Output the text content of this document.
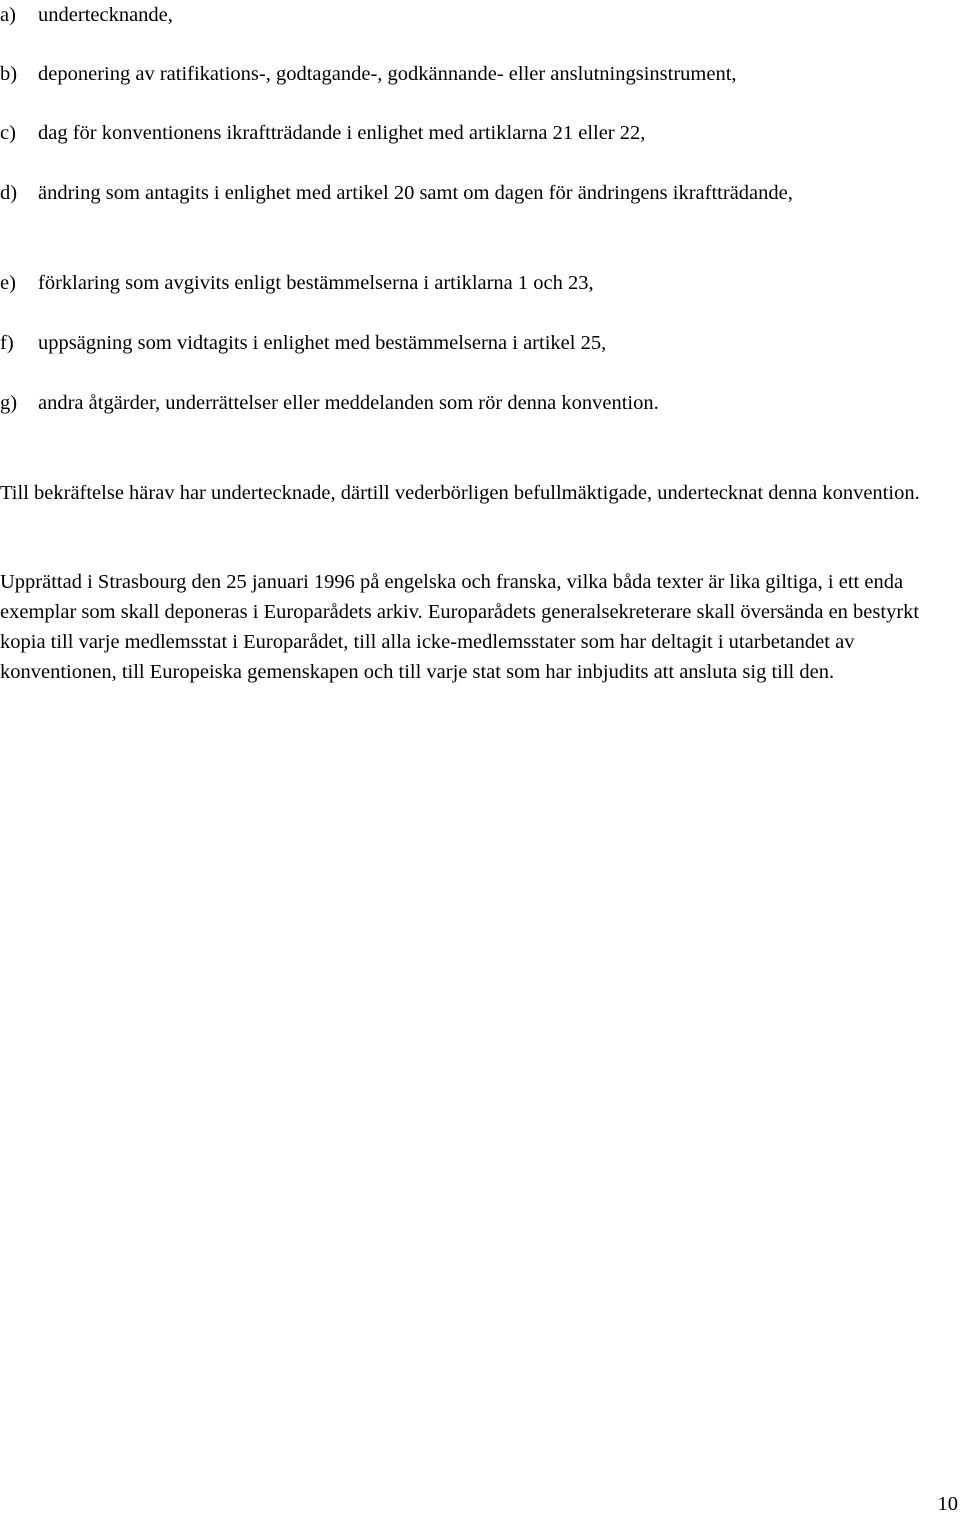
a) undertecknande,
b) deponering av ratifikations-, godtagande-, godkännande- eller anslutningsinstrument,
c) dag för konventionens ikraftträdande i enlighet med artiklarna 21 eller 22,
d) ändring som antagits i enlighet med artikel 20 samt om dagen för ändringens ikraftträdande,
e) förklaring som avgivits enligt bestämmelserna i artiklarna 1 och 23,
f) uppsägning som vidtagits i enlighet med bestämmelserna i artikel 25,
g) andra åtgärder, underrättelser eller meddelanden som rör denna konvention.

Till bekräftelse härav har undertecknade, därtill vederbörligen befullmäktigade, undertecknat denna konvention.

Upprättad i Strasbourg den 25 januari 1996 på engelska och franska, vilka båda texter är lika giltiga, i ett enda exemplar som skall deponeras i Europarådets arkiv. Europarådets generalsekreterare skall översända en bestyrkt kopia till varje medlemsstat i Europarådet, till alla icke-medlemsstater som har deltagit i utarbetandet av konventionen, till Europeiska gemenskapen och till varje stat som har inbjudits att ansluta sig till den.

10
